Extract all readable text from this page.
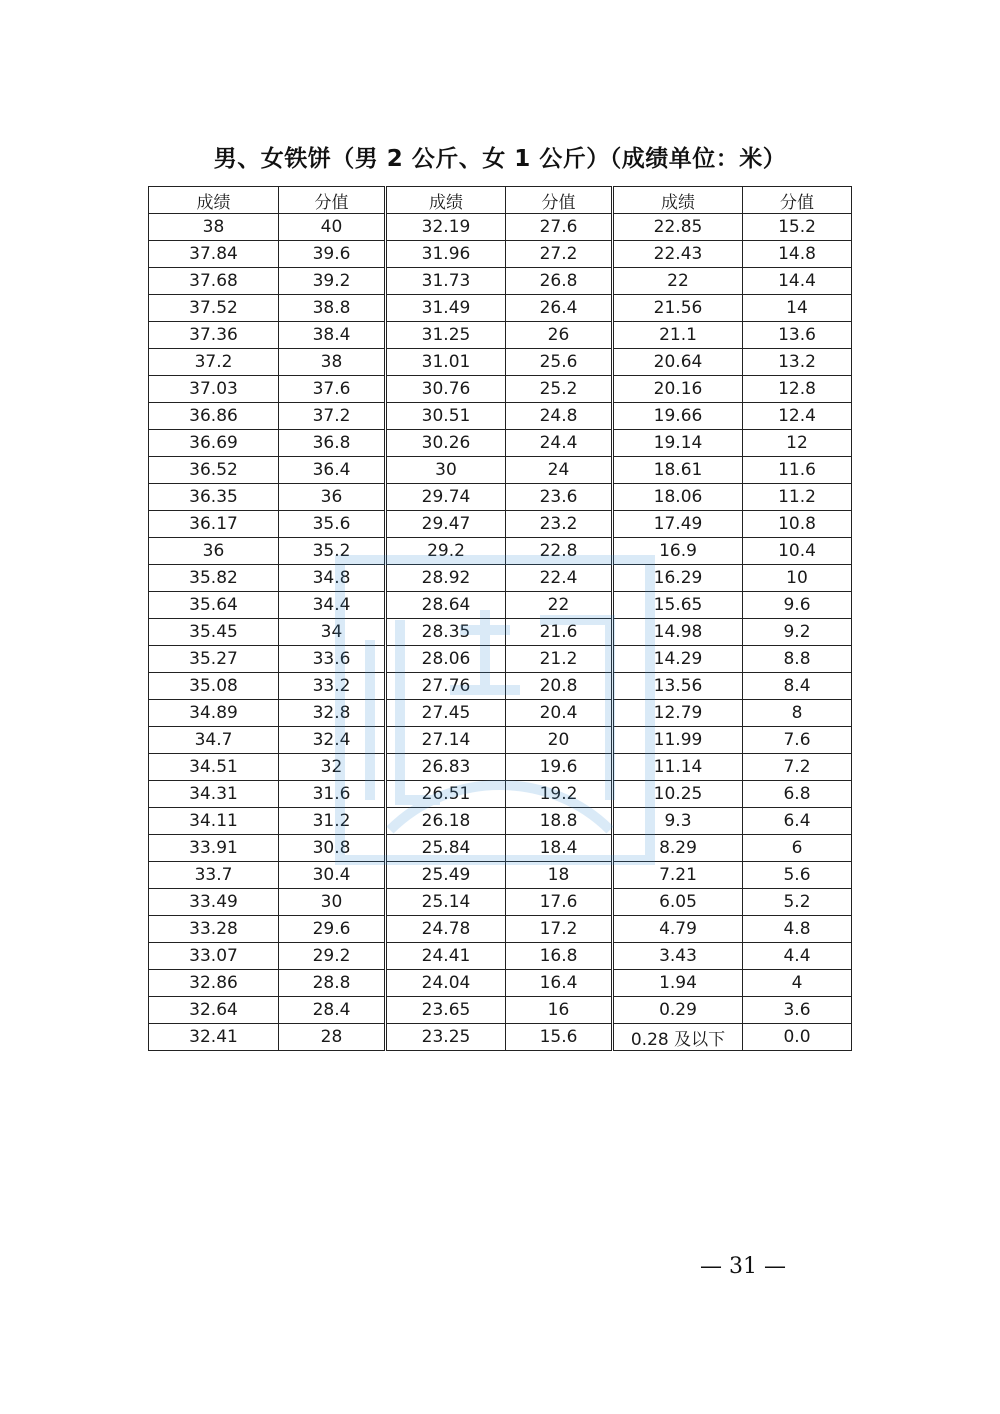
男、女铁饼（男 2 公斤、女 1 公斤）（成绩单位：米）
成绩	分值	成绩	分值	成绩	分值
38	40	32.19	27.6	22.85	15.2
37.84	39.6	31.96	27.2	22.43	14.8
37.68	39.2	31.73	26.8	22	14.4
37.52	38.8	31.49	26.4	21.56	14
37.36	38.4	31.25	26	21.1	13.6
37.2	38	31.01	25.6	20.64	13.2
37.03	37.6	30.76	25.2	20.16	12.8
36.86	37.2	30.51	24.8	19.66	12.4
36.69	36.8	30.26	24.4	19.14	12
36.52	36.4	30	24	18.61	11.6
36.35	36	29.74	23.6	18.06	11.2
36.17	35.6	29.47	23.2	17.49	10.8
36	35.2	29.2	22.8	16.9	10.4
35.82	34.8	28.92	22.4	16.29	10
35.64	34.4	28.64	22	15.65	9.6
35.45	34	28.35	21.6	14.98	9.2
35.27	33.6	28.06	21.2	14.29	8.8
35.08	33.2	27.76	20.8	13.56	8.4
34.89	32.8	27.45	20.4	12.79	8
34.7	32.4	27.14	20	11.99	7.6
34.51	32	26.83	19.6	11.14	7.2
34.31	31.6	26.51	19.2	10.25	6.8
34.11	31.2	26.18	18.8	9.3	6.4
33.91	30.8	25.84	18.4	8.29	6
33.7	30.4	25.49	18	7.21	5.6
33.49	30	25.14	17.6	6.05	5.2
33.28	29.6	24.78	17.2	4.79	4.8
33.07	29.2	24.41	16.8	3.43	4.4
32.86	28.8	24.04	16.4	1.94	4
32.64	28.4	23.65	16	0.29	3.6
32.41	28	23.25	15.6	0.28 及以下	0.0
— 31 —
